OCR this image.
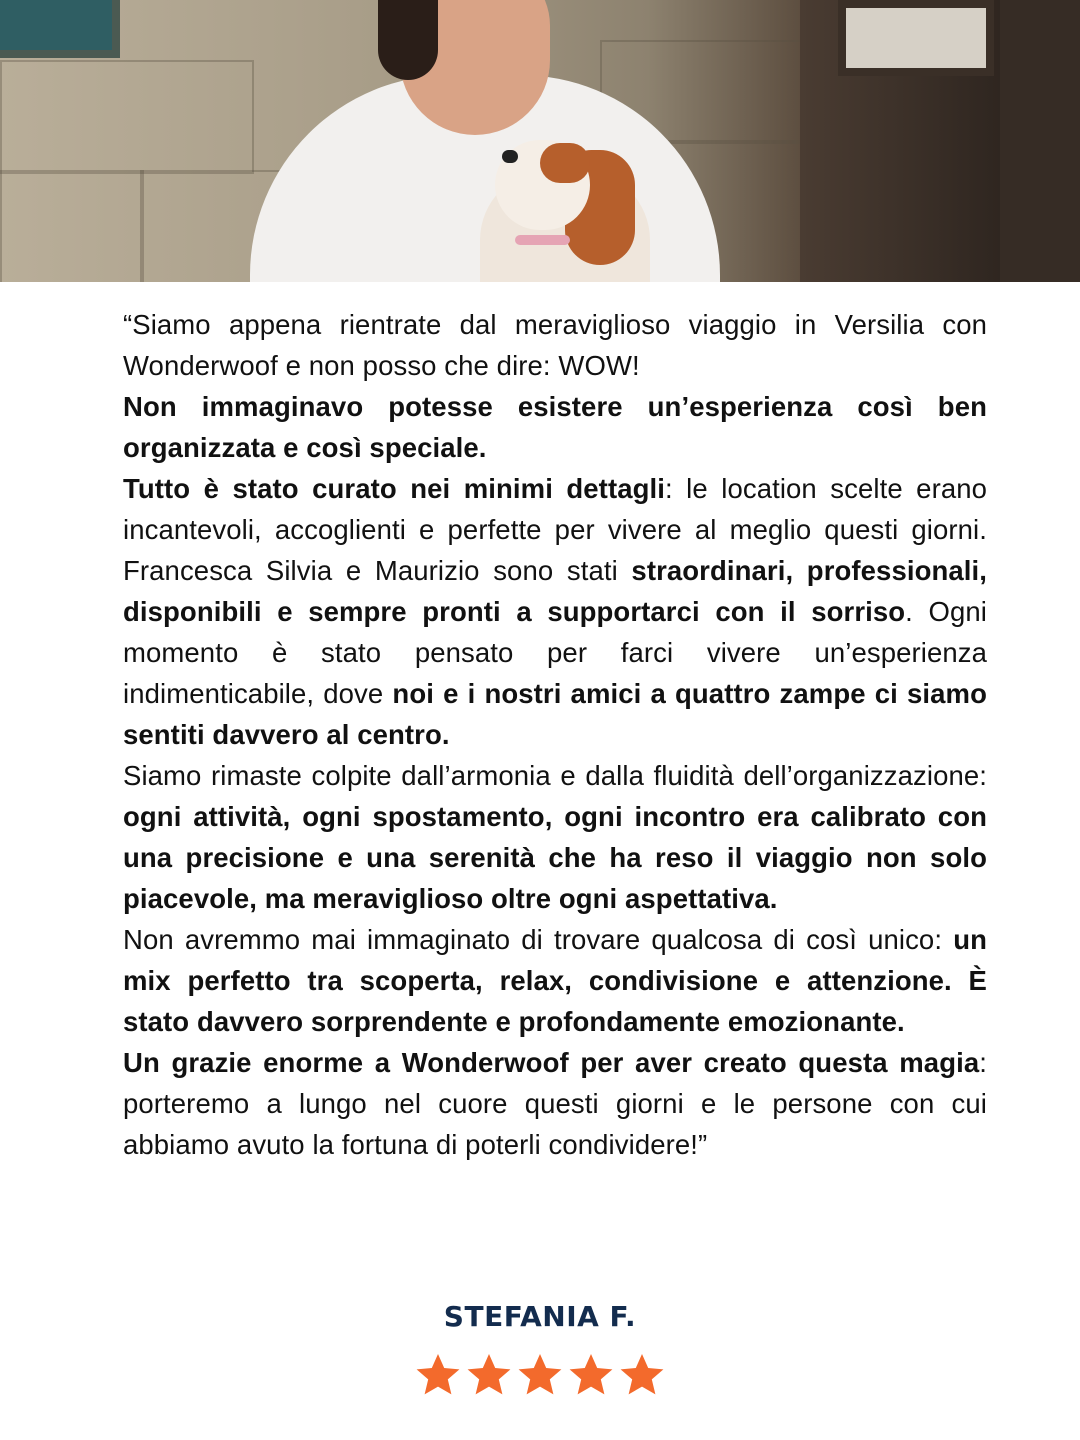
“Siamo appena rientrate dal meraviglioso viaggio in Versilia con Wonderwoof e non posso che dire: WOW!

Non immaginavo potesse esistere un’esperienza così ben organizzata e così speciale.

Tutto è stato curato nei minimi dettagli: le location scelte erano incantevoli, accoglienti e perfette per vivere al meglio questi giorni. Francesca Silvia e Maurizio sono stati straordinari, professionali, disponibili e sempre pronti a supportarci con il sorriso. Ogni momento è stato pensato per farci vivere un’esperienza indimenticabile, dove noi e i nostri amici a quattro zampe ci siamo sentiti davvero al centro.

Siamo rimaste colpite dall’armonia e dalla fluidità dell’organizzazione: ogni attività, ogni spostamento, ogni incontro era calibrato con una precisione e una serenità che ha reso il viaggio non solo piacevole, ma meraviglioso oltre ogni aspettativa.

Non avremmo mai immaginato di trovare qualcosa di così unico: un mix perfetto tra scoperta, relax, condivisione e attenzione. È stato davvero sorprendente e profondamente emozionante.

Un grazie enorme a Wonderwoof per aver creato questa magia: porteremo a lungo nel cuore questi giorni e le persone con cui abbiamo avuto la fortuna di poterli condividere!”

STEFANIA F.
